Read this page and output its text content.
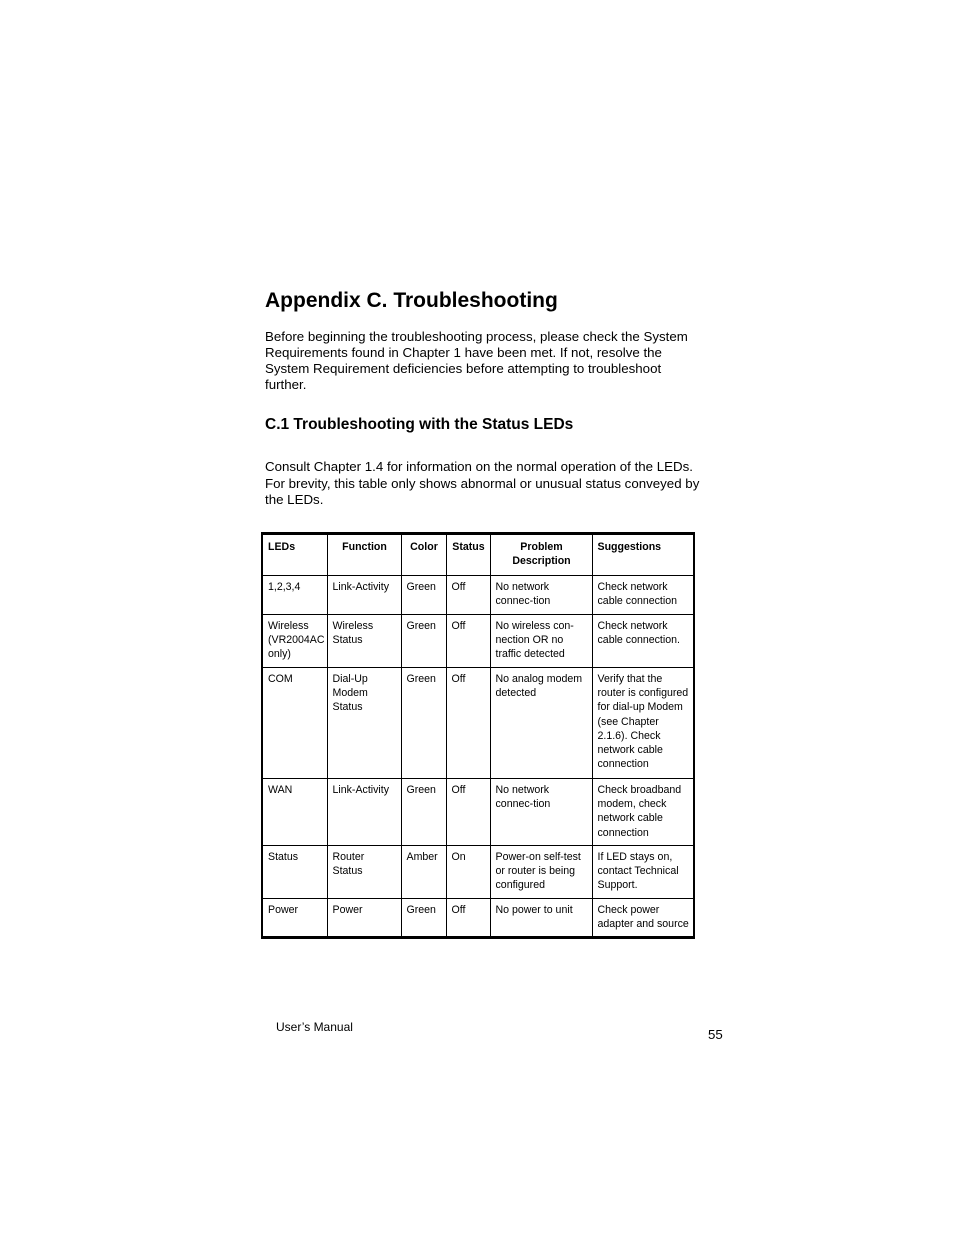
Appendix C. Troubleshooting

Before beginning the troubleshooting process, please check the System Requirements found in Chapter 1 have been met. If not, resolve the System Requirement deficiencies before attempting to troubleshoot further.

C.1 Troubleshooting with the Status LEDs

Consult Chapter 1.4 for information on the normal operation of the LEDs. For brevity, this table only shows abnormal or unusual status conveyed by the LEDs.

LEDs	Function	Color	Status	Problem Description	Suggestions
1,2,3,4	Link-Activity	Green	Off	No network connec-tion	Check network cable connection
Wireless (VR2004AC only)	Wireless Status	Green	Off	No wireless con-nection OR no traffic detected	Check network cable connection.
COM	Dial-Up Modem Status	Green	Off	No analog modem detected	Verify that the router is configured for dial-up Modem (see Chapter 2.1.6). Check network cable connection
WAN	Link-Activity	Green	Off	No network connec-tion	Check broadband modem, check network cable connection
Status	Router Status	Amber	On	Power-on self-test or router is being configured	If LED stays on, contact Technical Support.
Power	Power	Green	Off	No power to unit	Check power adapter and source
User’s Manual	55
